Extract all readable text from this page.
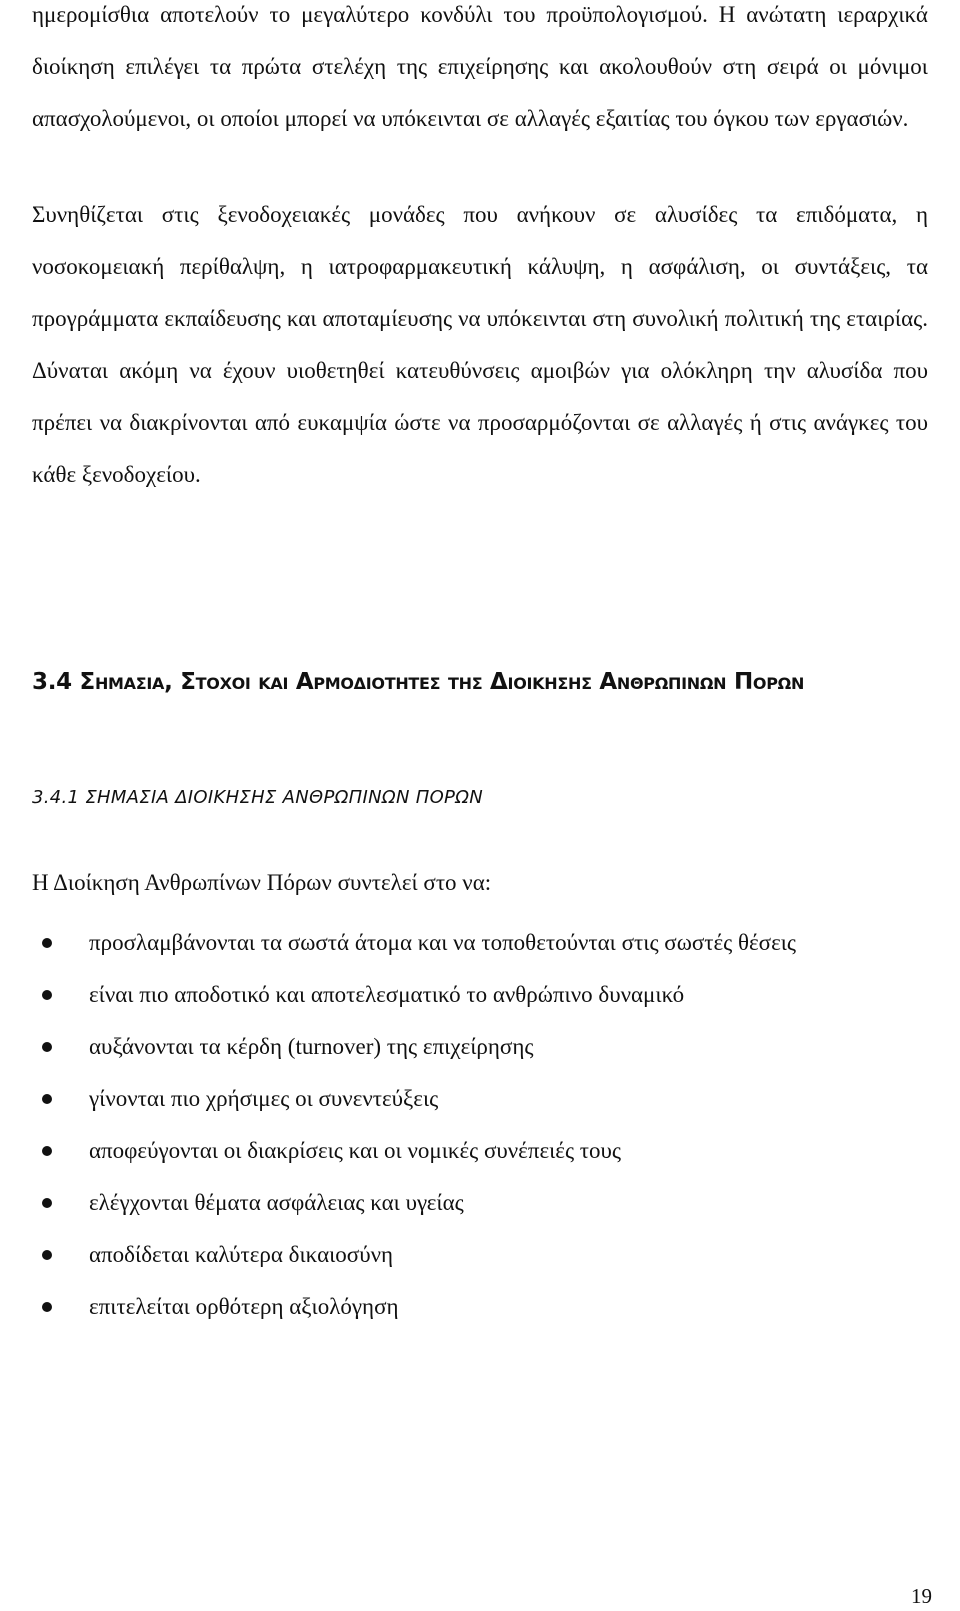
ημερομίσθια αποτελούν το μεγαλύτερο κονδύλι του προϋπολογισμού. Η ανώτατη ιεραρχικά διοίκηση επιλέγει τα πρώτα στελέχη της επιχείρησης και ακολουθούν στη σειρά οι μόνιμοι απασχολούμενοι, οι οποίοι μπορεί να υπόκεινται σε αλλαγές εξαιτίας του όγκου των εργασιών.

Συνηθίζεται στις ξενοδοχειακές μονάδες που ανήκουν σε αλυσίδες τα επιδόματα, η νοσοκομειακή περίθαλψη, η ιατροφαρμακευτική κάλυψη, η ασφάλιση, οι συντάξεις, τα προγράμματα εκπαίδευσης και αποταμίευσης να υπόκεινται στη συνολική πολιτική της εταιρίας. Δύναται ακόμη να έχουν υιοθετηθεί κατευθύνσεις αμοιβών για ολόκληρη την αλυσίδα που πρέπει να διακρίνονται από ευκαμψία ώστε να προσαρμόζονται σε αλλαγές ή στις ανάγκες του κάθε ξενοδοχείου.

3.4 Σημασια, Στοχοι και Αρμοδιοτητες της Διοικησης Ανθρωπινων Πορων
3.4.1 ΣΗΜΑΣΙΑ ΔΙΟΙΚΗΣΗΣ ΑΝΘΡΩΠΙΝΩΝ ΠΟΡΩΝ

Η Διοίκηση Ανθρωπίνων Πόρων συντελεί στο να:

προσλαμβάνονται τα σωστά άτομα και να τοποθετούνται στις σωστές θέσεις
είναι πιο αποδοτικό και αποτελεσματικό το ανθρώπινο δυναμικό
αυξάνονται τα κέρδη (turnover) της επιχείρησης
γίνονται πιο χρήσιμες οι συνεντεύξεις
αποφεύγονται οι διακρίσεις και οι νομικές συνέπειές τους
ελέγχονται θέματα ασφάλειας και υγείας
αποδίδεται καλύτερα δικαιοσύνη
επιτελείται ορθότερη αξιολόγηση

19
